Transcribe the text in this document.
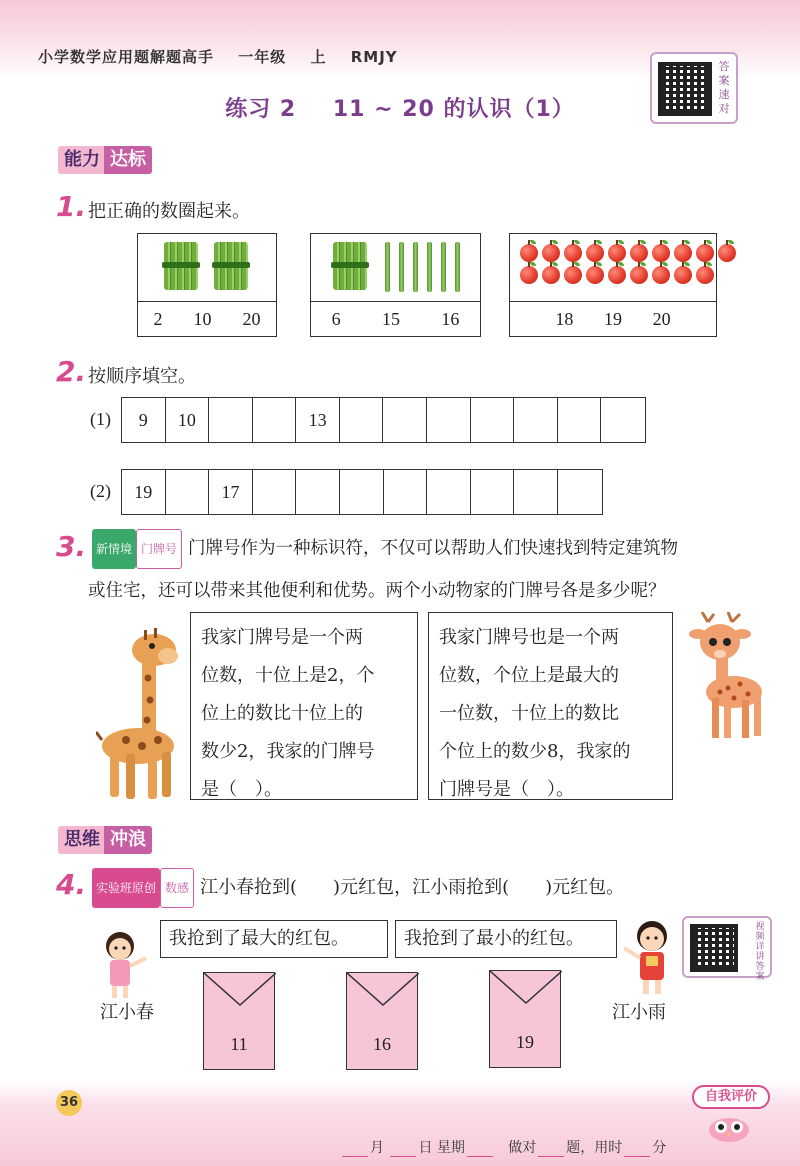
小学数学应用题解题高手 一年级 上 RMJY
答案速对
练习 2 11 ~ 20 的认识（1）
能力 达标
1. 把正确的数圈起来。
2 10 20	6 15 16	18 19 20
2. 按顺序填空。
(1)	9	10	13
(2)	19	17
3. 新情境 门牌号 门牌号作为一种标识符，不仅可以帮助人们快速找到特定建筑物
或住宅，还可以带来其他便利和优势。两个小动物家的门牌号各是多少呢？

我家门牌号是一个两

位数，十位上是2，个

位上的数比十位上的

数少2，我家的门牌号

是（　）。

我家门牌号也是一个两

位数，个位上是最大的

一位数，十位上的数比

个位上的数少8，我家的

门牌号是（　）。

思维 冲浪
4. 实验班原创 数感 江小春抢到(　　)元红包，江小雨抢到(　　)元红包。

我抢到了最大的红包。	我抢到了最小的红包。

江小春
11	16	19
江小雨
视频详讲答案
36	自我评价
月 日 星期	做对 题，用时 分
